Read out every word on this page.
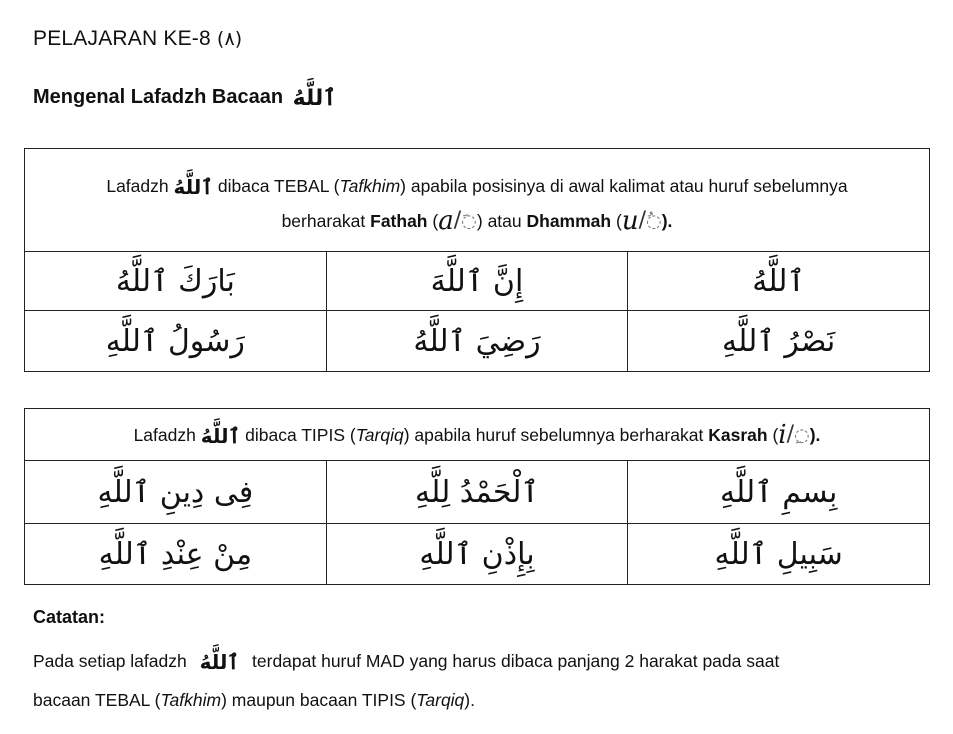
PELAJARAN KE-8 (٨)
Mengenal Lafadzh Bacaan ٱللَّهُ
Lafadzh ٱللَّهُ dibaca TEBAL (Tafkhim) apabila posisinya di awal kalimat atau huruf sebelumnya
berharakat Fathah (a/◌َ) atau Dhammah (u/◌ُ).		
بَارَكَ ٱللَّهُ	إِنَّ ٱللَّهَ	ٱللَّهُ
رَسُولُ ٱللَّهِ	رَضِيَ ٱللَّهُ	نَصْرُ ٱللَّهِ
Lafadzh ٱللَّهُ dibaca TIPIS (Tarqiq) apabila huruf sebelumnya berharakat Kasrah (i/◌ِ).		
فِى دِينِ ٱللَّهِ	ٱلْحَمْدُ لِلَّهِ	بِسمِ ٱللَّهِ
مِنْ عِنْدِ ٱللَّهِ	بِإِذْنِ ٱللَّهِ	سَبِيلِ ٱللَّهِ
Catatan:
Pada setiap lafadzh ٱللَّهُ terdapat huruf MAD yang harus dibaca panjang 2 harakat pada saat
bacaan TEBAL (Tafkhim) maupun bacaan TIPIS (Tarqiq).
